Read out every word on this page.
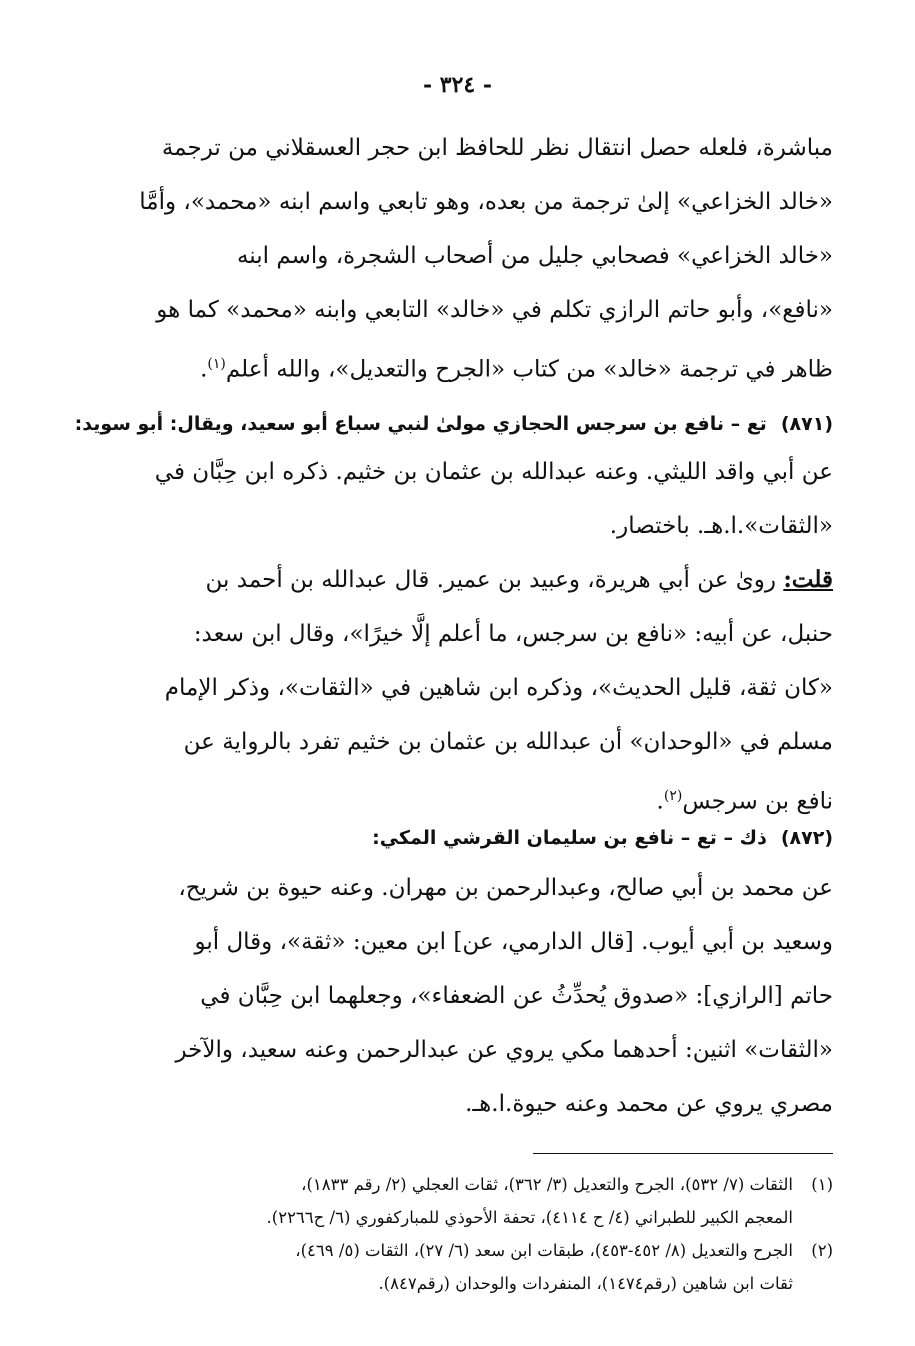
- ٣٢٤ -
مباشرة، فلعله حصل انتقال نظر للحافظ ابن حجر العسقلاني من ترجمة
«خالد الخزاعي» إلىٰ ترجمة من بعده، وهو تابعي واسم ابنه «محمد»، وأمَّا
«خالد الخزاعي» فصحابي جليل من أصحاب الشجرة، واسم ابنه
«نافع»، وأبو حاتم الرازي تكلم في «خالد» التابعي وابنه «محمد» كما هو
ظاهر في ترجمة «خالد» من كتاب «الجرح والتعديل»، والله أعلم$^{(١)}$.
(٨٧١)تع – نافع بن سرجس الحجازي مولىٰ لنبي سباع أبو سعيد، ويقال: أبو سويد:
عن أبي واقد الليثي. وعنه عبدالله بن عثمان بن خثيم. ذكره ابن حِبَّان في
«الثقات».ا.هـ. باختصار.
قلت: روىٰ عن أبي هريرة، وعبيد بن عمير. قال عبدالله بن أحمد بن
حنبل، عن أبيه: «نافع بن سرجس، ما أعلم إلَّا خيرًا»، وقال ابن سعد:
«كان ثقة، قليل الحديث»، وذكره ابن شاهين في «الثقات»، وذكر الإمام
مسلم في «الوحدان» أن عبدالله بن عثمان بن خثيم تفرد بالرواية عن
نافع بن سرجس$^{(٢)}$.
(٨٧٢)ذك – تع – نافع بن سليمان القرشي المكي:
عن محمد بن أبي صالح، وعبدالرحمن بن مهران. وعنه حيوة بن شريح،
وسعيد بن أبي أيوب. [قال الدارمي، عن] ابن معين: «ثقة»، وقال أبو
حاتم [الرازي]: «صدوق يُحدِّثُ عن الضعفاء»، وجعلهما ابن حِبَّان في
«الثقات» اثنين: أحدهما مكي يروي عن عبدالرحمن وعنه سعيد، والآخر
مصري يروي عن محمد وعنه حيوة.ا.هـ.
(١)الثقات (٧/ ٥٣٢)، الجرح والتعديل (٣/ ٣٦٢)، ثقات العجلي (٢/ رقم ١٨٣٣)،
المعجم الكبير للطبراني (٤/ ح ٤١١٤)، تحفة الأحوذي للمباركفوري (٦/ ح٢٢٦٦).
(٢)الجرح والتعديل (٨/ ٤٥٢-٤٥٣)، طبقات ابن سعد (٦/ ٢٧)، الثقات (٥/ ٤٦٩)،
ثقات ابن شاهين (رقم١٤٧٤)، المنفردات والوحدان (رقم٨٤٧).
